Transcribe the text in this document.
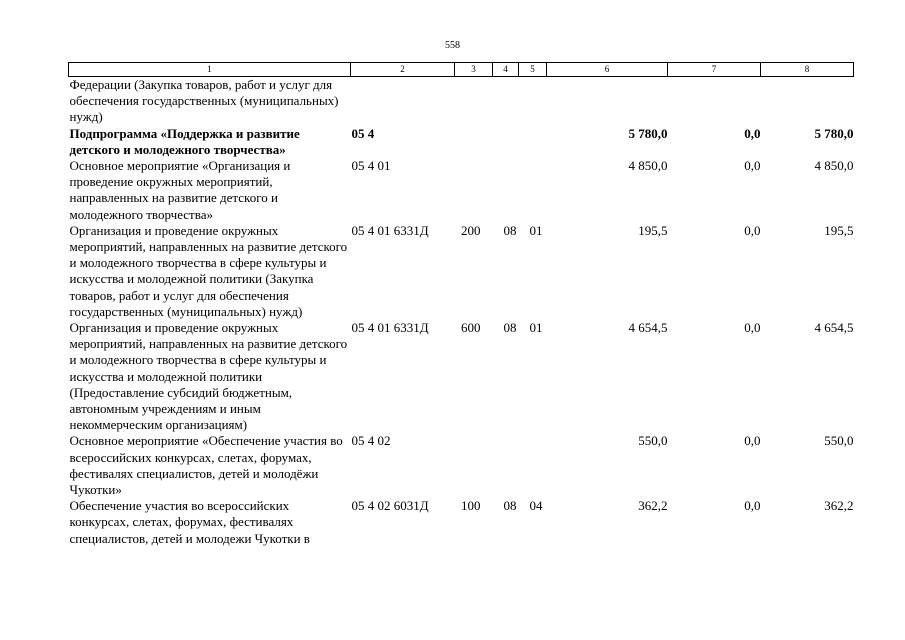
558
1	2	3	4	5	6	7	8
Федерации (Закупка товаров, работ и услуг для обеспечения государственных (муниципальных) нужд)							
Подпрограмма «Поддержка и развитие детского и молодежного творчества»	05 4				5 780,0	0,0	5 780,0
Основное мероприятие «Организация и проведение окружных мероприятий, направленных на развитие детского и молодежного творчества»	05 4 01				4 850,0	0,0	4 850,0
Организация и проведение окружных мероприятий, направленных на развитие детского и молодежного творчества в сфере культуры и искусства и молодежной политики (Закупка товаров, работ и услуг для обеспечения государственных (муниципальных) нужд)	05 4 01 6331Д	200	08	01	195,5	0,0	195,5
Организация и проведение окружных мероприятий, направленных на развитие детского и молодежного творчества в сфере культуры и искусства и молодежной политики (Предоставление субсидий бюджетным, автономным учреждениям и иным некоммерческим организациям)	05 4 01 6331Д	600	08	01	4 654,5	0,0	4 654,5
Основное мероприятие «Обеспечение участия во всероссийских конкурсах, слетах, форумах, фестивалях специалистов, детей и молодёжи Чукотки»	05 4 02				550,0	0,0	550,0
Обеспечение участия во всероссийских конкурсах, слетах, форумах, фестивалях специалистов, детей и молодежи Чукотки в	05 4 02 6031Д	100	08	04	362,2	0,0	362,2
